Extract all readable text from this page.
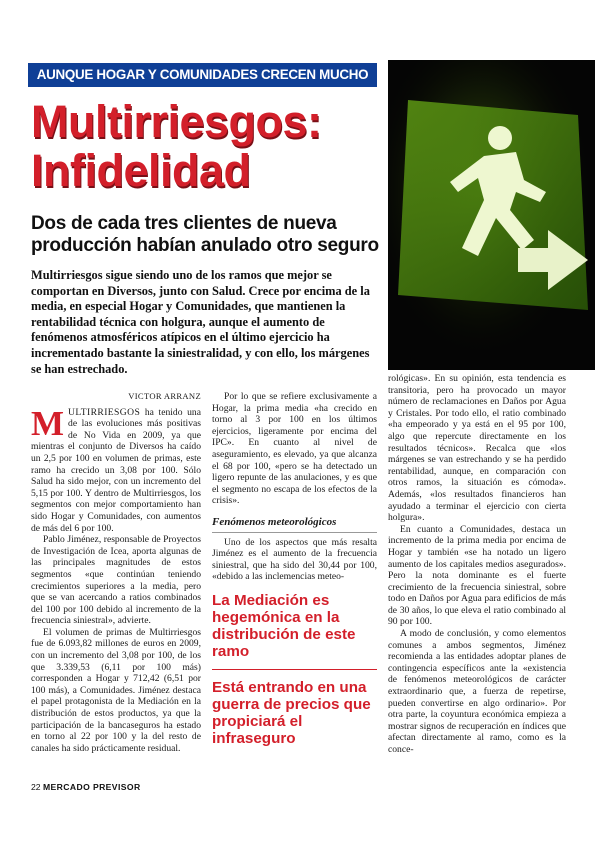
AUNQUE HOGAR Y COMUNIDADES CRECEN MUCHO
Multirriesgos:
Infidelidad
Dos de cada tres clientes de nueva producción habían anulado otro seguro

Multirriesgos sigue siendo uno de los ramos que mejor se comportan en Diversos, junto con Salud. Crece por encima de la media, en especial Hogar y Comunidades, que mantienen la rentabilidad técnica con holgura, aunque el aumento de fenómenos atmosféricos atípicos en el último ejercicio ha incrementado bastante la siniestralidad, y con ello, los márgenes se han estrechado.

VICTOR ARRANZ

MULTIRRIESGOS ha tenido una de las evoluciones más positivas de No Vida en 2009, ya que mientras el conjunto de Diversos ha caído un 2,5 por 100 en volumen de primas, este ramo ha crecido un 3,08 por 100. Sólo Salud ha sido mejor, con un incremento del 5,15 por 100. Y dentro de Multirriesgos, los segmentos con mejor comportamiento han sido Hogar y Comunidades, con aumentos de más del 6 por 100.

Pablo Jiménez, responsable de Proyectos de Investigación de Icea, aporta algunas de las principales magnitudes de estos segmentos «que continúan teniendo crecimientos superiores a la media, pero que se van acercando a ratios combinados del 100 por 100 debido al incremento de la frecuencia siniestral», advierte.

El volumen de primas de Multirriesgos fue de 6.093,82 millones de euros en 2009, con un incremento del 3,08 por 100, de los que 3.339,53 (6,11 por 100 más) corresponden a Hogar y 712,42 (6,51 por 100 más), a Comunidades. Jiménez destaca el papel protagonista de la Mediación en la distribución de estos productos, ya que la participación de la bancaseguros ha estado en torno al 22 por 100 y la del resto de canales ha sido prácticamente residual.

Por lo que se refiere exclusivamente a Hogar, la prima media «ha crecido en torno al 3 por 100 en los últimos ejercicios, ligeramente por encima del IPC». En cuanto al nivel de aseguramiento, es elevado, ya que alcanza el 68 por 100, «pero se ha detectado un ligero repunte de las anulaciones, y es que el segmento no escapa de los efectos de la crisis».

Fenómenos meteorológicos

Uno de los aspectos que más resalta Jiménez es el aumento de la frecuencia siniestral, que ha sido del 30,44 por 100, «debido a las inclemencias meteo-

La Mediación es hegemónica en la distribución de este ramo

Está entrando en una guerra de precios que propiciará el infraseguro

rológicas». En su opinión, esta tendencia es transitoria, pero ha provocado un mayor número de reclamaciones en Daños por Agua y Cristales. Por todo ello, el ratio combinado «ha empeorado y ya está en el 95 por 100, algo que repercute directamente en los resultados técnicos». Recalca que «los márgenes se van estrechando y se ha perdido rentabilidad, aunque, en comparación con otros ramos, la situación es cómoda». Además, «los resultados financieros han ayudado a terminar el ejercicio con cierta holgura».

En cuanto a Comunidades, destaca un incremento de la prima media por encima de Hogar y también «se ha notado un ligero aumento de los capitales medios asegurados». Pero la nota dominante es el fuerte crecimiento de la frecuencia siniestral, sobre todo en Daños por Agua para edificios de más de 30 años, lo que eleva el ratio combinado al 90 por 100.

A modo de conclusión, y como elementos comunes a ambos segmentos, Jiménez recomienda a las entidades adoptar planes de contingencia específicos ante la «existencia de fenómenos meteorológicos de carácter extraordinario que, a fuerza de repetirse, pueden convertirse en algo ordinario». Por otra parte, la coyuntura económica empieza a mostrar signos de recuperación en índices que afectan directamente al ramo, como es la conce-

22 MERCADO PREVISOR
